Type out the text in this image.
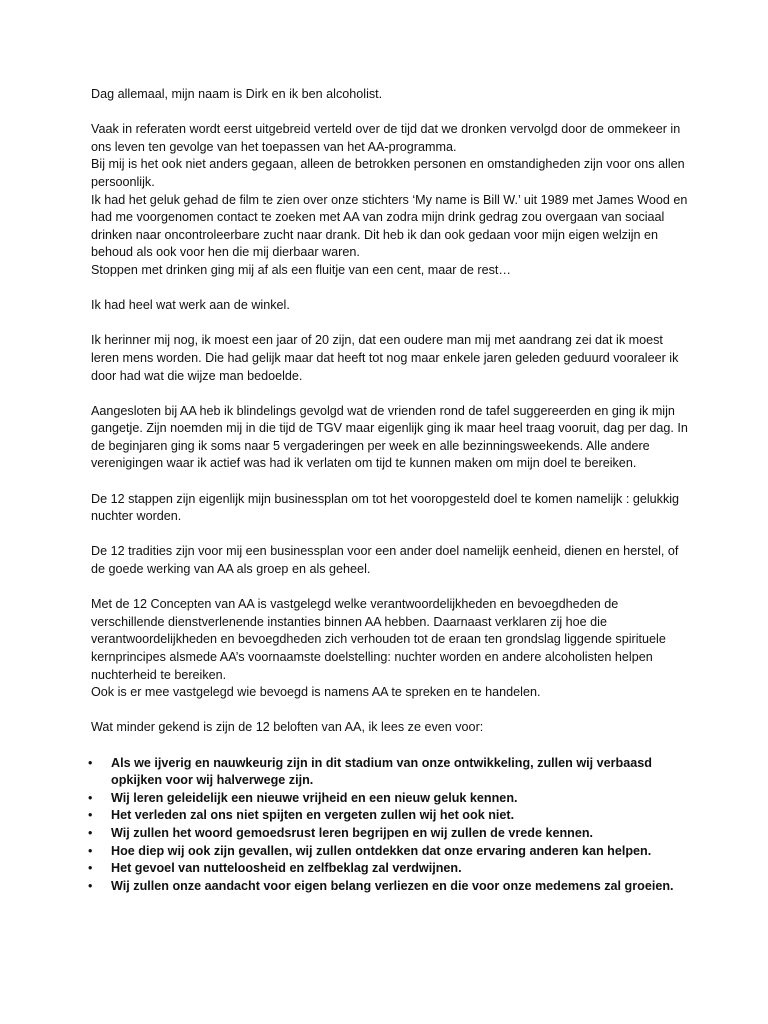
Dag allemaal, mijn naam is Dirk en ik ben alcoholist.

Vaak in referaten wordt eerst uitgebreid verteld over de tijd dat we dronken vervolgd door de ommekeer in ons leven ten gevolge van het toepassen van het AA-programma.

Bij mij is het ook niet anders gegaan, alleen de betrokken personen en omstandigheden zijn voor ons allen persoonlijk.

Ik had het geluk gehad de film te zien over onze stichters ‘My name is Bill W.’ uit 1989 met James Wood en had me voorgenomen contact te zoeken met AA van zodra mijn drink gedrag zou overgaan van sociaal drinken naar oncontroleerbare zucht naar drank. Dit heb ik dan ook gedaan voor mijn eigen welzijn en behoud als ook voor hen die mij dierbaar waren.

Stoppen met drinken ging mij af als een fluitje van een cent, maar de rest…

Ik had heel wat werk aan de winkel.

Ik herinner mij nog, ik moest een jaar of 20 zijn, dat een oudere man mij met aandrang zei dat ik moest leren mens worden. Die had gelijk maar dat heeft tot nog maar enkele jaren geleden geduurd vooraleer ik door had wat die wijze man bedoelde.

Aangesloten bij AA heb ik blindelings gevolgd wat de vrienden rond de tafel suggereerden en ging ik mijn gangetje. Zijn noemden mij in die tijd de TGV maar eigenlijk ging ik maar heel traag vooruit, dag per dag. In de beginjaren ging ik soms naar 5 vergaderingen per week en alle bezinningsweekends. Alle andere verenigingen waar ik actief was had ik verlaten om tijd te kunnen maken om mijn doel te bereiken.

De 12 stappen zijn eigenlijk mijn businessplan om tot het vooropgesteld doel te komen namelijk : gelukkig nuchter worden.

De 12 tradities zijn voor mij een businessplan voor een ander doel namelijk eenheid, dienen en herstel, of de goede werking van AA als groep en als geheel.

Met de 12 Concepten van AA is vastgelegd welke verantwoordelijkheden en bevoegdheden de verschillende dienstverlenende instanties binnen AA hebben. Daarnaast verklaren zij hoe die verantwoordelijkheden en bevoegdheden zich verhouden tot de eraan ten grondslag liggende spirituele kernprincipes alsmede AA’s voornaamste doelstelling: nuchter worden en andere alcoholisten helpen nuchterheid te bereiken.

Ook is er mee vastgelegd wie bevoegd is namens AA te spreken en te handelen.

Wat minder gekend is zijn de 12 beloften van AA, ik lees ze even voor:

• Als we ijverig en nauwkeurig zijn in dit stadium van onze ontwikkeling, zullen wij verbaasd opkijken voor wij halverwege zijn.
• Wij leren geleidelijk een nieuwe vrijheid en een nieuw geluk kennen.
• Het verleden zal ons niet spijten en vergeten zullen wij het ook niet.
• Wij zullen het woord gemoedsrust leren begrijpen en wij zullen de vrede kennen.
• Hoe diep wij ook zijn gevallen, wij zullen ontdekken dat onze ervaring anderen kan helpen.
• Het gevoel van nutteloosheid en zelfbeklag zal verdwijnen.
• Wij zullen onze aandacht voor eigen belang verliezen en die voor onze medemens zal groeien.
